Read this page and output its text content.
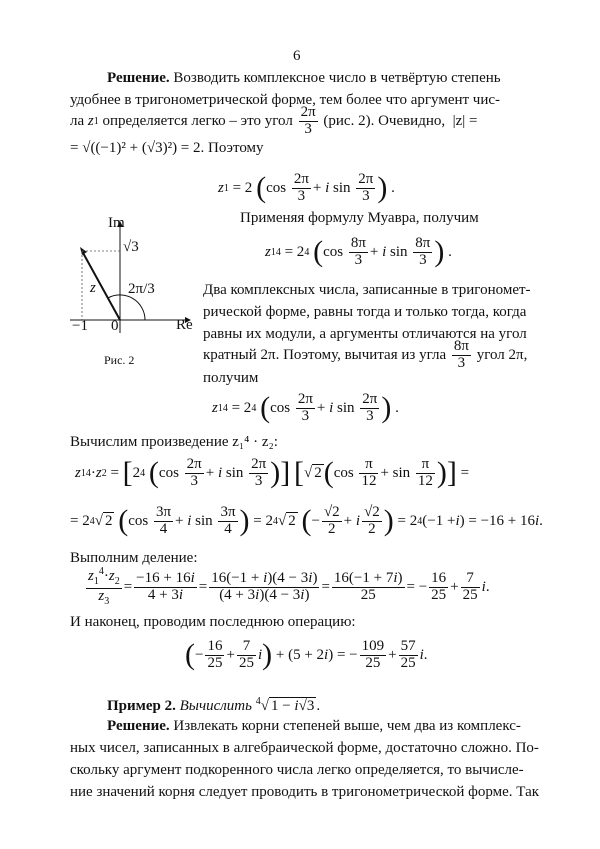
6
Решение. Возводить комплексное число в четвёртую степень
удобнее в тригонометрической форме, тем более что аргумент чис-
ла
z 1
определяется легко – это угол
$\frac{2\pi}{3}$
(рис. 2). Очевидно,
|z| =
= √((−1)² + (√3)²) = 2. Поэтому
z 1 = 2 ( $\cos \frac{2\pi}{3} + i$ $\sin \frac{2\pi}{3}$ ) .
Im
Re
√3
z 2π/3
−1 0
Рис. 2
Применяя формулу Муавра, получим
z 1 4 = 2 4
( $\cos \frac{8\pi}{3} + i$ $\sin \frac{8\pi}{3}$ ) .
Два комплексных числа, записанные в тригономет-
рической форме, равны тогда и только тогда, когда
равны их модули, а аргументы отличаются на угол
кратный 2π. Поэтому, вычитая из угла
$\frac{8\pi}{3}$
угол 2π,
получим
z 1 4 = 2 4
( $\cos \frac{2\pi}{3} + i$ $\sin \frac{2\pi}{3}$ ) .
Вычислим произведение z₁⁴ · z₂:
z 1 4 · z 2 = [ 2 4
( $\cos \frac{2\pi}{3} + i$ $\sin \frac{2\pi}{3}$ ) ]
[ √ 2 ( $\cos \frac{\pi}{12} + \sin \frac{\pi}{12}$ ) ] =
= 2 4 √ 2
( $\cos \frac{3\pi}{4} + i$ $\sin \frac{3\pi}{4}$ ) = 2 4 √ 2
( − $\frac{√2}{2} + i \frac{√2}{2}$ ) = 2 4 (−1 + i ) = −16 + 16 i .
Выполним деление:
$\frac{z_1^4\cdot z_2}{z_3} = \frac{-16 + 16i}{4 + 3i} = \frac{16(-1 + i)(4 - 3i)}{(4 + 3i)(4 - 3i)} = \frac{16(-1 + 7i)}{25}$ = − $\frac{16}{25} + \frac{7}{25}$ i .
И наконец, проводим последнюю операцию:
( − $\frac{16}{25} + \frac{7}{25}$ i ) + (5 + 2 i ) = − $\frac{109}{25} + \frac{57}{25}$ i .
Пример 2. Вычислить $^4$√ 1 − i√3 .
Решение. Извлекать корни степеней выше, чем два из комплекс-
ных чисел, записанных в алгебраической форме, достаточно сложно. По-
скольку аргумент подкоренного числа легко определяется, то вычисле-
ние значений корня следует проводить в тригонометрической форме. Так
